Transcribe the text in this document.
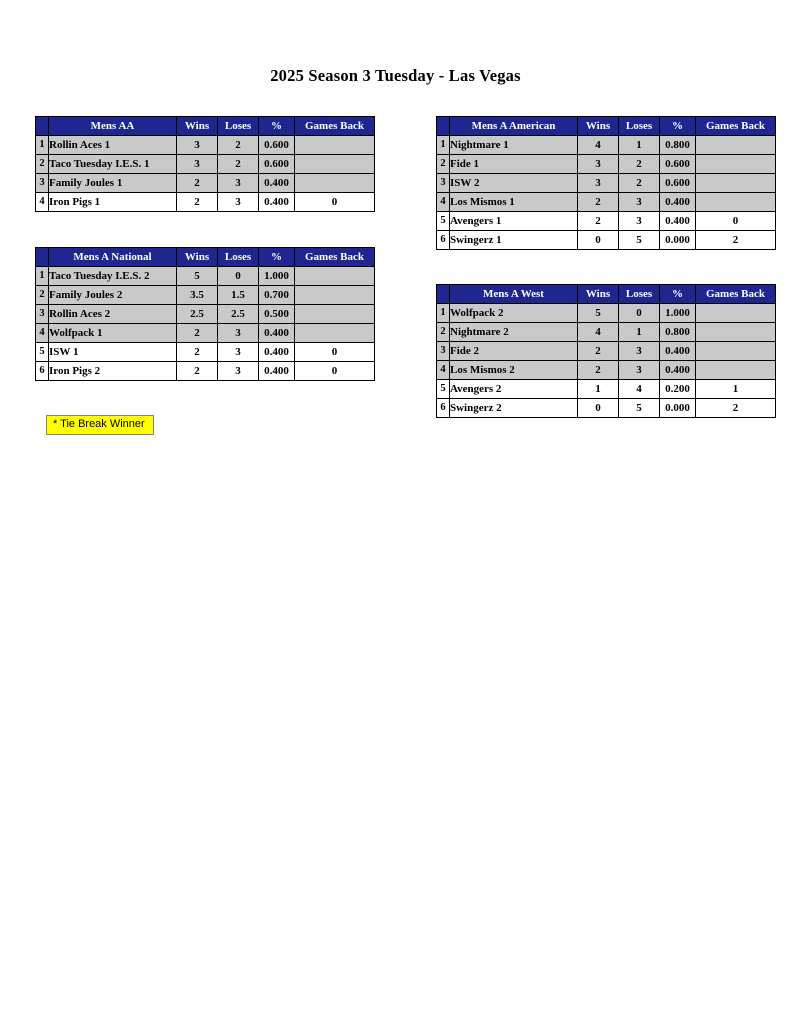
2025 Season 3 Tuesday - Las Vegas
	Mens AA	Wins	Loses	%	Games Back
1	Rollin Aces 1	3	2	0.600	
2	Taco Tuesday I.E.S. 1	3	2	0.600	
3	Family Joules 1	2	3	0.400	
4	Iron Pigs 1	2	3	0.400	0
	Mens A American	Wins	Loses	%	Games Back
1	Nightmare 1	4	1	0.800	
2	Fide 1	3	2	0.600	
3	ISW 2	3	2	0.600	
4	Los Mismos 1	2	3	0.400	
5	Avengers 1	2	3	0.400	0
6	Swingerz 1	0	5	0.000	2
	Mens A National	Wins	Loses	%	Games Back
1	Taco Tuesday I.E.S. 2	5	0	1.000	
2	Family Joules 2	3.5	1.5	0.700	
3	Rollin Aces 2	2.5	2.5	0.500	
4	Wolfpack 1	2	3	0.400	
5	ISW 1	2	3	0.400	0
6	Iron Pigs 2	2	3	0.400	0
	Mens A West	Wins	Loses	%	Games Back
1	Wolfpack 2	5	0	1.000	
2	Nightmare 2	4	1	0.800	
3	Fide 2	2	3	0.400	
4	Los Mismos 2	2	3	0.400	
5	Avengers 2	1	4	0.200	1
6	Swingerz 2	0	5	0.000	2
* Tie Break Winner
